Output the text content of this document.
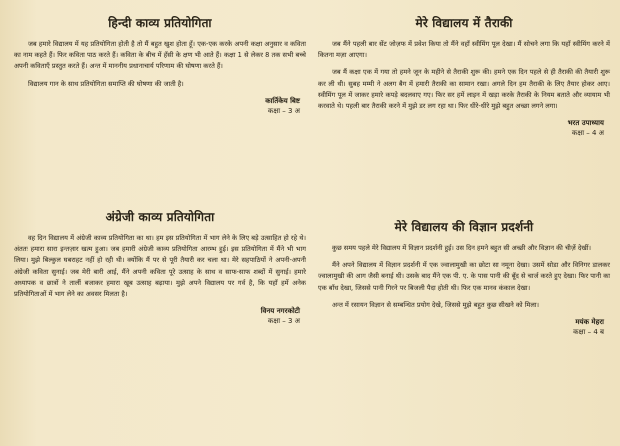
हिन्दी काव्य प्रतियोगिता

जब हमारे विद्यालय में यह प्रतियोगिता होती है तो मैं बहुत खुश होता हूँ। एक-एक करके अपनी कक्षा अनुसार व कविता का नाम कहते हैं। फिर कविता पाठ करते हैं। कविता के बीच में हँसी के क्षण भी आते हैं। कक्षा 1 से लेकर 8 तक सभी बच्चे अपनी कविताएँ प्रस्तुत करते हैं। अन्त में माननीय प्रधानाचार्य परिणाम की घोषणा करते हैं।

विद्यालय गान के साथ प्रतियोगिता समाप्ति की घोषणा की जाती है।

कार्तिकेय बिष्ट
कक्षा – 3 अ
अंग्रेजी काव्य प्रतियोगिता

वह दिन विद्यालय में अंग्रेजी काव्य प्रतियोगिता का था। हम इस प्रतियोगिता में भाग लेने के लिए बड़े उत्साहित हो रहे थे। अंततः हमारा सारा इन्तज़ार खत्म हुआ। जब हमारी अंग्रेजी काव्य प्रतियोगिता आरम्भ हुई। इस प्रतियोगिता में मैंने भी भाग लिया। मुझे बिल्कुल घबराहट नहीं हो रही थी। क्योंकि मैं पर से पूरी तैयारी कर चला था। मेरे सहपाठियों ने अपनी-अपनी अंग्रेजी कविता सुनाई। जब मेरी बारी आई, मैंने अपनी कविता पूरे उत्साह के साथ व साफ-साफ शब्दों में सुनाई। हमारे अध्यापक व छात्रों ने तालीं बजाकर हमारा खूब उत्साह बढ़ाया। मुझे अपने विद्यालय पर गर्व है, कि यहाँ हमें अनेक प्रतियोगिताओं में भाग लेने का अवसर मिलता है।

विनय नगरकोटी
कक्षा – 3 अ
मेरे विद्यालय में तैराकी

जब मैंने पहली बार सेंट जोज़फ में प्रवेश किया तो मैंने वहाँ स्वीमिंग पूल देखा। मैं सोचने लगा कि यहाँ स्वीमिंग करने में कितना मज़ा आएगा।

जब मैं कक्षा एक में गया तो हमने जून के महीने से तैराकी शुरू की। हमने एक दिन पहले से ही तैराकी की तैयारी शुरू कर ली थी। सुबह मम्मी ने अलग बैग में हमारी तैराकी का सामान रखा। अगले दिन हम तैराकी के लिए तैयार होकर आए। स्वीमिंग पूल में जाकर हमारे कपड़े बदलवाए गए। फिर सर हमें लाइन में खड़ा करके तैराकी के नियम बताते और व्यायाम भी करवाते थे। पहली बार तैराकी करने में मुझे डर लग रहा था। फिर धीरे-धीरे मुझे बहुत अच्छा लगने लगा।

भरत उपाध्याय
कक्षा – 4 अ
मेरे विद्यालय की विज्ञान प्रदर्शनी

कुछ समय पहले मेरे विद्यालय में विज्ञान प्रदर्शनी हुई। उस दिन हमने बहुत सी अच्छी और विज्ञान की चीज़ें देखीं।

मैंने अपने विद्यालय में विज्ञान प्रदर्शनी में एक ज्वालामुखी का छोटा सा नमूना देखा। उसमें सोडा और विनिगर डालकर ज्वालामुखी की आग जैसी बनाई थी। उसके बाद मैंने एक पी. ए. के पास पानी की बूँद से चार्ज करते हुए देखा। फिर पानी का एक बाँध देखा, जिससे पानी गिरने पर बिजली पैदा होती थी। फिर एक मानव कंकाल देखा।

अन्त में रसायन विज्ञान से सम्बन्धित प्रयोग देखे, जिससे मुझे बहुत कुछ सीखने को मिला।

मयंक मेहरा
कक्षा – 4 ब
